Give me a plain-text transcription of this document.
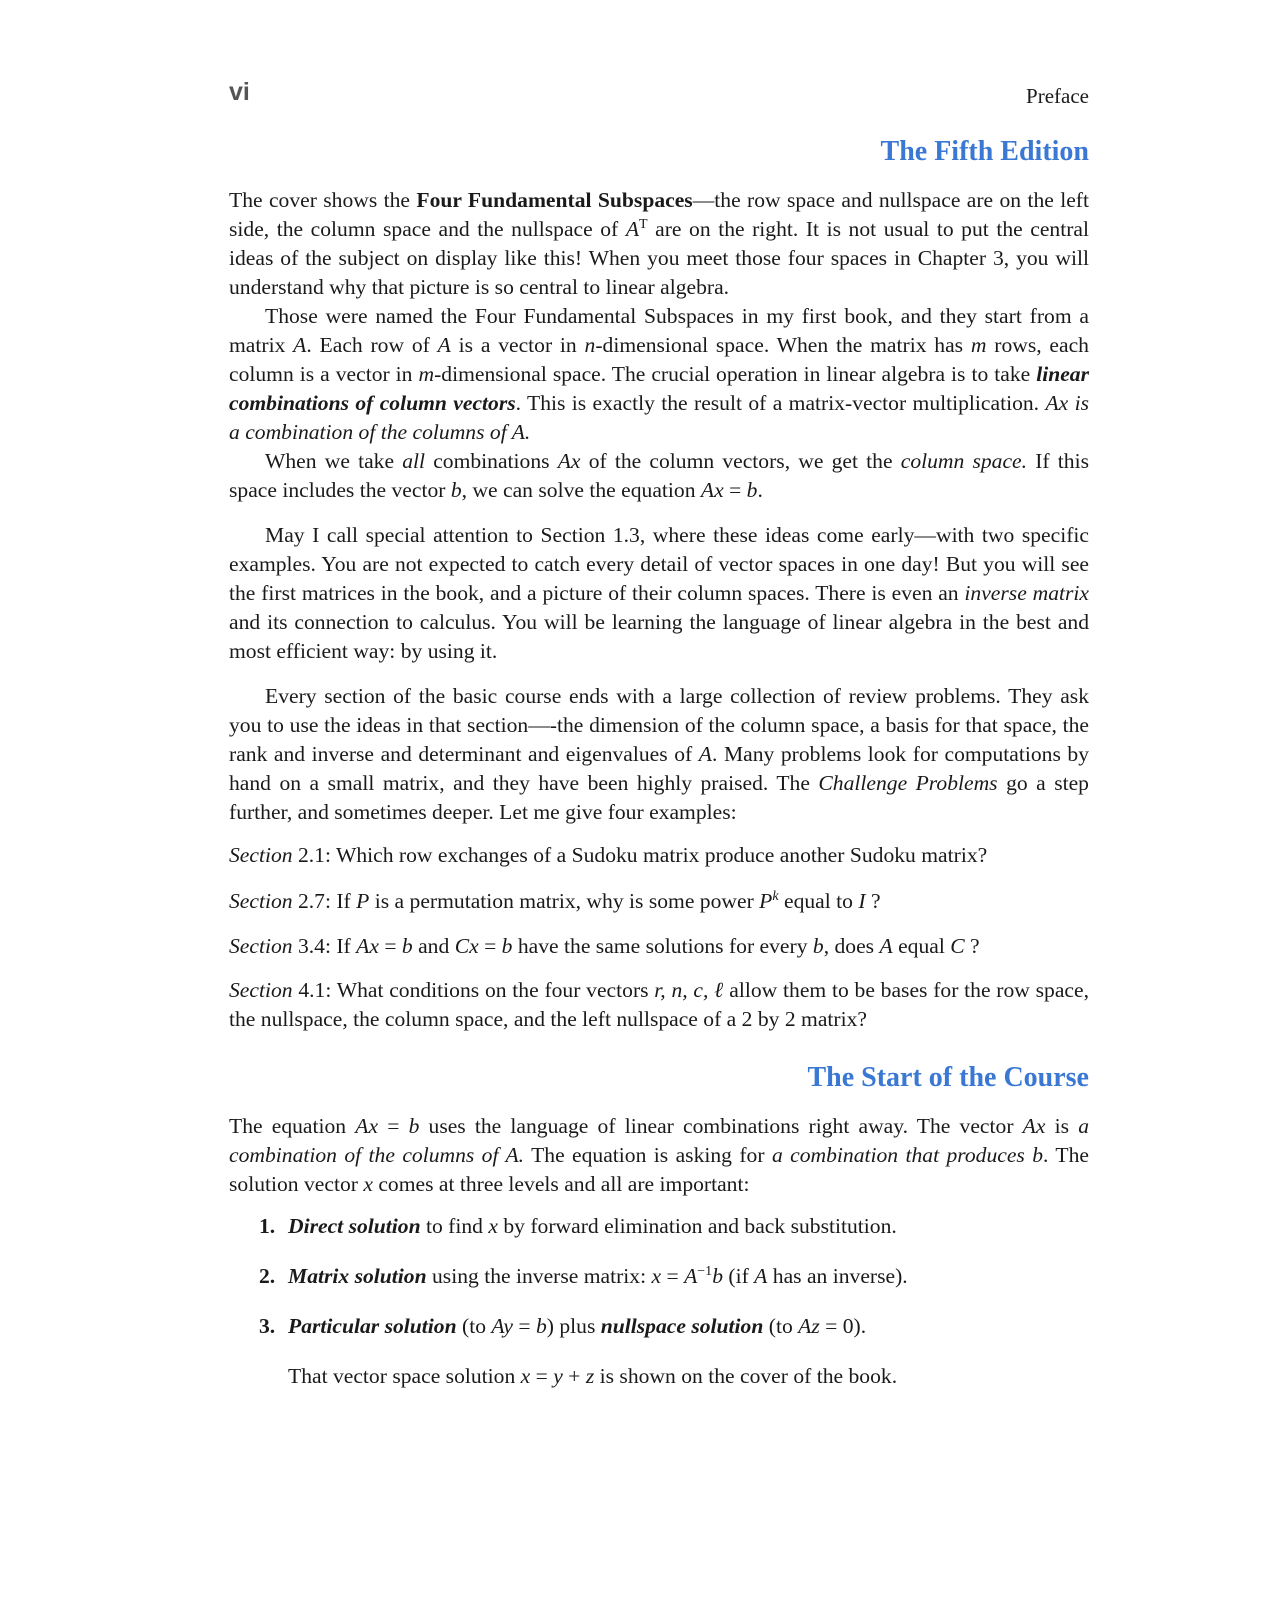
vi	Preface
The Fifth Edition

The cover shows the Four Fundamental Subspaces—the row space and nullspace are on the left side, the column space and the nullspace of $A^T$ are on the right. It is not usual to put the central ideas of the subject on display like this! When you meet those four spaces in Chapter 3, you will understand why that picture is so central to linear algebra.

Those were named the Four Fundamental Subspaces in my first book, and they start from a matrix A. Each row of A is a vector in n-dimensional space. When the matrix has m rows, each column is a vector in m-dimensional space. The crucial operation in linear algebra is to take linear combinations of column vectors. This is exactly the result of a matrix-vector multiplication. Ax is a combination of the columns of A.

When we take all combinations Ax of the column vectors, we get the column space. If this space includes the vector b, we can solve the equation Ax = b.

May I call special attention to Section 1.3, where these ideas come early—with two specific examples. You are not expected to catch every detail of vector spaces in one day! But you will see the first matrices in the book, and a picture of their column spaces. There is even an inverse matrix and its connection to calculus. You will be learning the language of linear algebra in the best and most efficient way: by using it.

Every section of the basic course ends with a large collection of review problems. They ask you to use the ideas in that section—-the dimension of the column space, a basis for that space, the rank and inverse and determinant and eigenvalues of A. Many problems look for computations by hand on a small matrix, and they have been highly praised. The Challenge Problems go a step further, and sometimes deeper. Let me give four examples:

Section 2.1: Which row exchanges of a Sudoku matrix produce another Sudoku matrix?

Section 2.7: If P is a permutation matrix, why is some power $P^k$ equal to I ?

Section 3.4: If Ax = b and Cx = b have the same solutions for every b, does A equal C ?

Section 4.1: What conditions on the four vectors r, n, c, ℓ allow them to be bases for the row space, the nullspace, the column space, and the left nullspace of a 2 by 2 matrix?

The Start of the Course

The equation Ax = b uses the language of linear combinations right away. The vector Ax is a combination of the columns of A. The equation is asking for a combination that produces b. The solution vector x comes at three levels and all are important:

1. Direct solution to find x by forward elimination and back substitution.
2. Matrix solution using the inverse matrix: $x = A^{-1}b$ (if A has an inverse).
3. Particular solution (to Ay = b) plus nullspace solution (to Az = 0).
That vector space solution x = y + z is shown on the cover of the book.
